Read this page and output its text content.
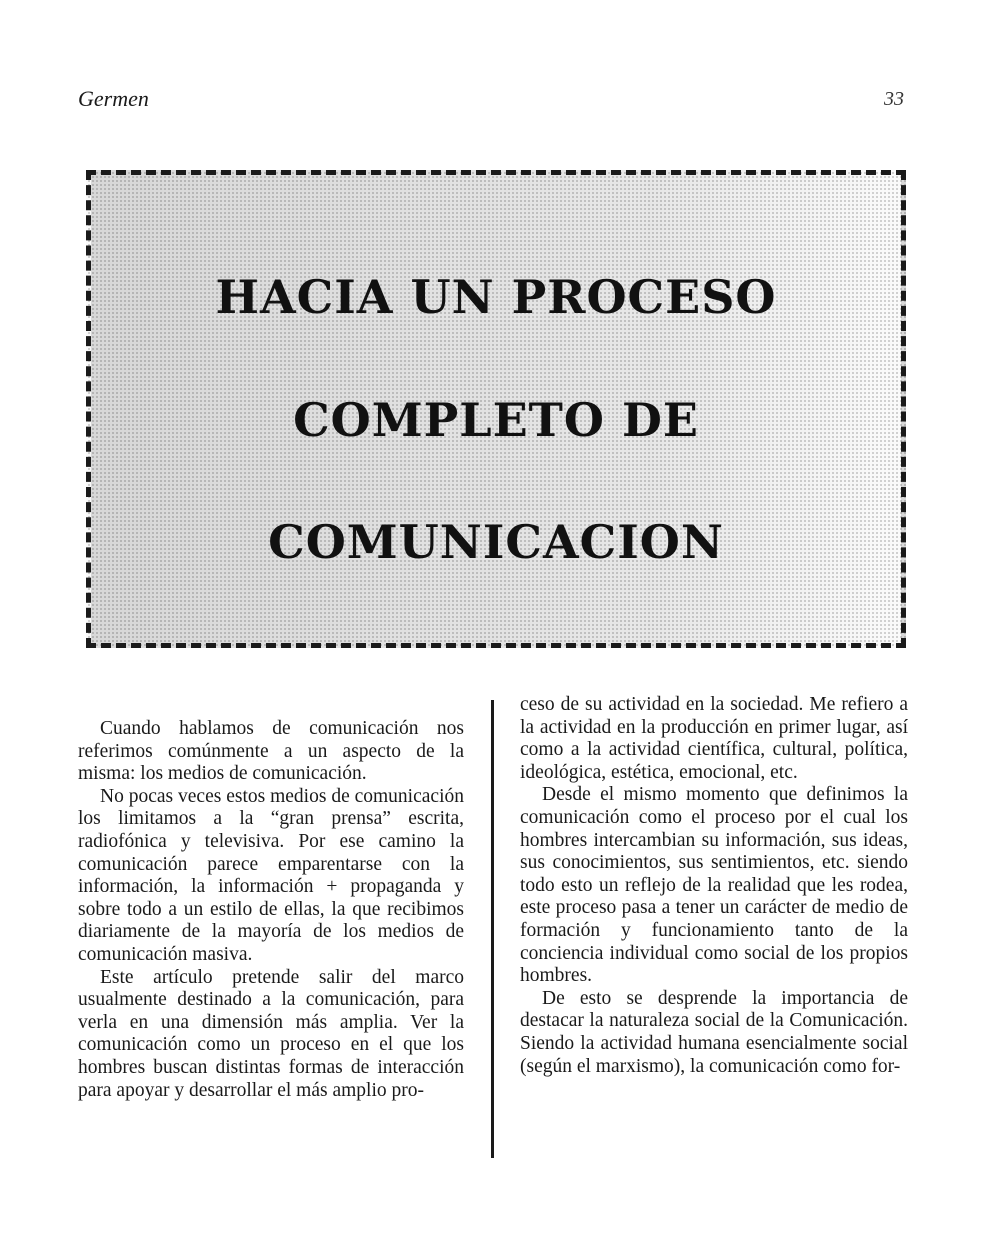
Germen	33
HACIA UN PROCESO
COMPLETO DE
COMUNICACION

Cuando hablamos de comunicación nos referimos comúnmente a un aspecto de la misma: los medios de comunicación.

No pocas veces estos medios de comunicación los limitamos a la “gran prensa” escrita, radiofónica y televisiva. Por ese camino la comunicación parece emparentarse con la información, la información + propaganda y sobre todo a un estilo de ellas, la que recibimos diariamente de la mayoría de los medios de comunicación masiva.

Este artículo pretende salir del marco usualmente destinado a la comunicación, para verla en una dimensión más amplia. Ver la comunicación como un proceso en el que los hombres buscan distintas formas de interacción para apoyar y desarrollar el más amplio pro-

ceso de su actividad en la sociedad. Me refiero a la actividad en la producción en primer lugar, así como a la actividad científica, cultural, política, ideológica, estética, emocional, etc.

Desde el mismo momento que definimos la comunicación como el proceso por el cual los hombres intercambian su información, sus ideas, sus conocimientos, sus sentimientos, etc. siendo todo esto un reflejo de la realidad que les rodea, este proceso pasa a tener un carácter de medio de formación y funcionamiento tanto de la conciencia individual como social de los propios hombres.

De esto se desprende la importancia de destacar la naturaleza social de la Comunicación. Siendo la actividad humana esencialmente social (según el marxismo), la comunicación como for-
